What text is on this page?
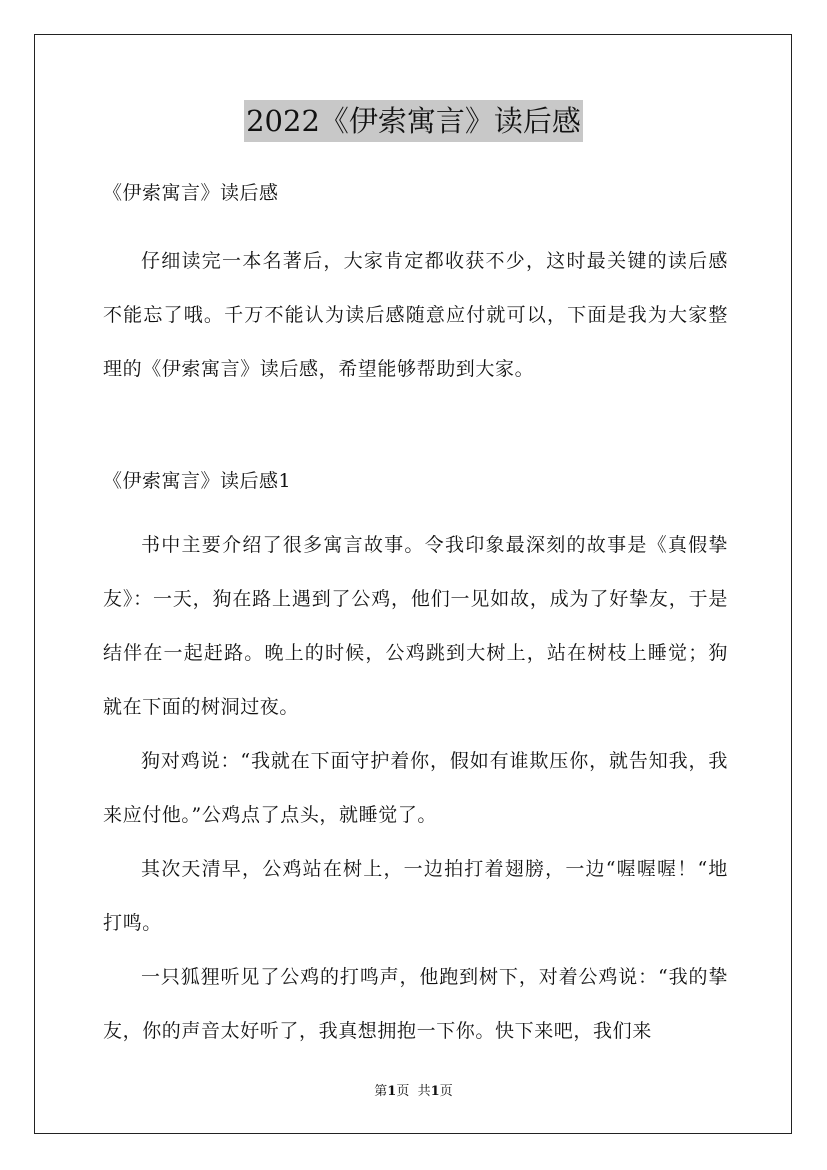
2022《伊索寓言》读后感

《伊索寓言》读后感

仔细读完一本名著后，大家肯定都收获不少，这时最关键的读后感不能忘了哦。千万不能认为读后感随意应付就可以，下面是我为大家整理的《伊索寓言》读后感，希望能够帮助到大家。

《伊索寓言》读后感1

书中主要介绍了很多寓言故事。令我印象最深刻的故事是《真假挚友》：一天，狗在路上遇到了公鸡，他们一见如故，成为了好挚友，于是结伴在一起赶路。晚上的时候，公鸡跳到大树上，站在树枝上睡觉；狗就在下面的树洞过夜。

狗对鸡说：“我就在下面守护着你，假如有谁欺压你，就告知我，我来应付他。”公鸡点了点头，就睡觉了。

其次天清早，公鸡站在树上，一边拍打着翅膀，一边“喔喔喔！“地打鸣。

一只狐狸听见了公鸡的打鸣声，他跑到树下，对着公鸡说：“我的挚友，你的声音太好听了，我真想拥抱一下你。快下来吧，我们来

第1页 共1页
